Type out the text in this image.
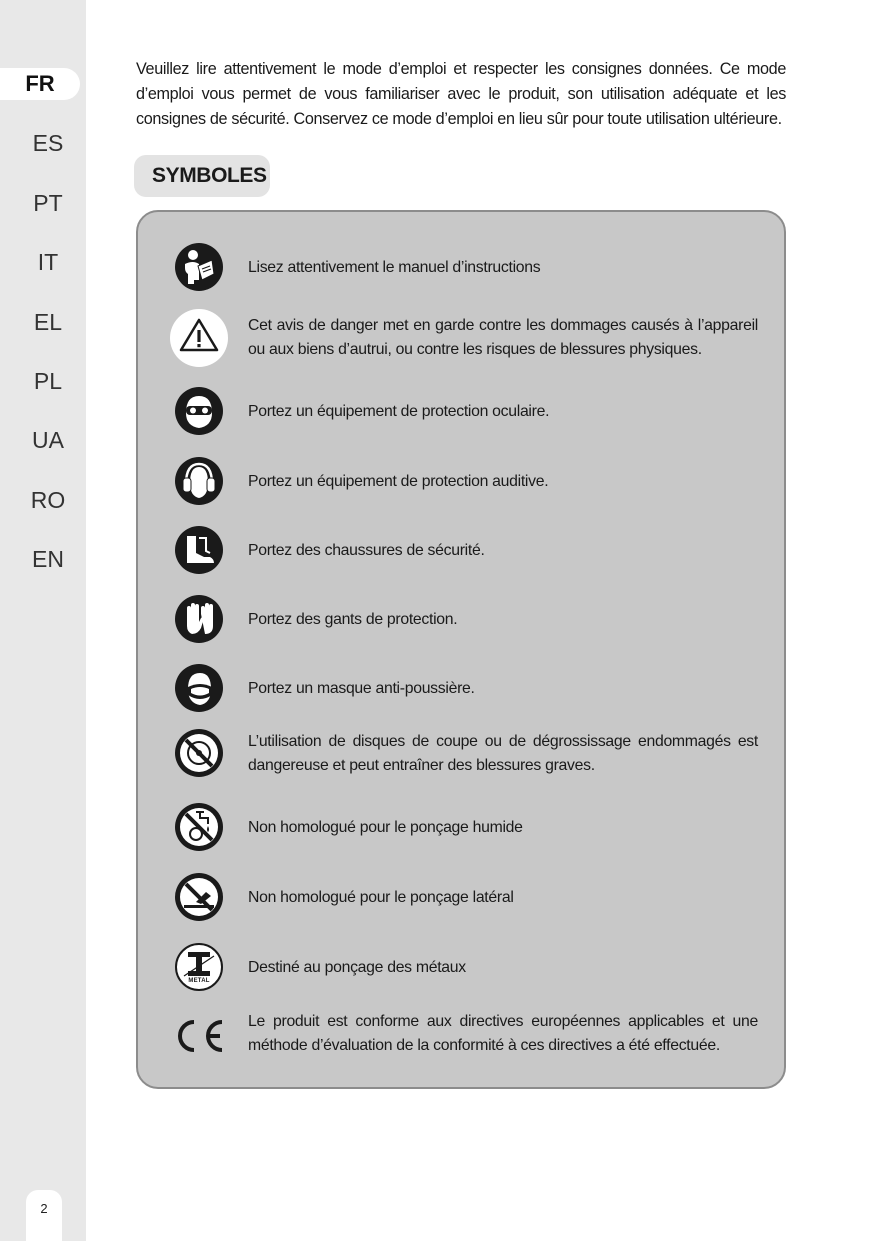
FR
ES
PT
IT
EL
PL
UA
RO
EN
2
Veuillez lire attentivement le mode d’emploi et respecter les consignes données. Ce mode d’emploi vous permet de vous familiariser avec le produit, son utilisation adéquate et les consignes de sécurité. Conservez ce mode d’emploi en lieu sûr pour toute utilisation ultérieure.
SYMBOLES
Lisez attentivement le manuel d’instructions
Cet avis de danger met en garde contre les dommages causés à l’appareil ou aux biens d’autrui, ou contre les risques de blessures physiques.
Portez un équipement de protection oculaire.
Portez un équipement de protection auditive.
Portez des chaussures de sécurité.
Portez des gants de protection.
Portez un masque anti-poussière.
L’utilisation de disques de coupe ou de dégrossissage endommagés est dangereuse et peut entraîner des blessures graves.
Non homologué pour le ponçage humide
Non homologué pour le ponçage latéral
METAL
Destiné au ponçage des métaux
Le produit est conforme aux directives européennes applicables et une méthode d’évaluation de la conformité à ces directives a été effectuée.
